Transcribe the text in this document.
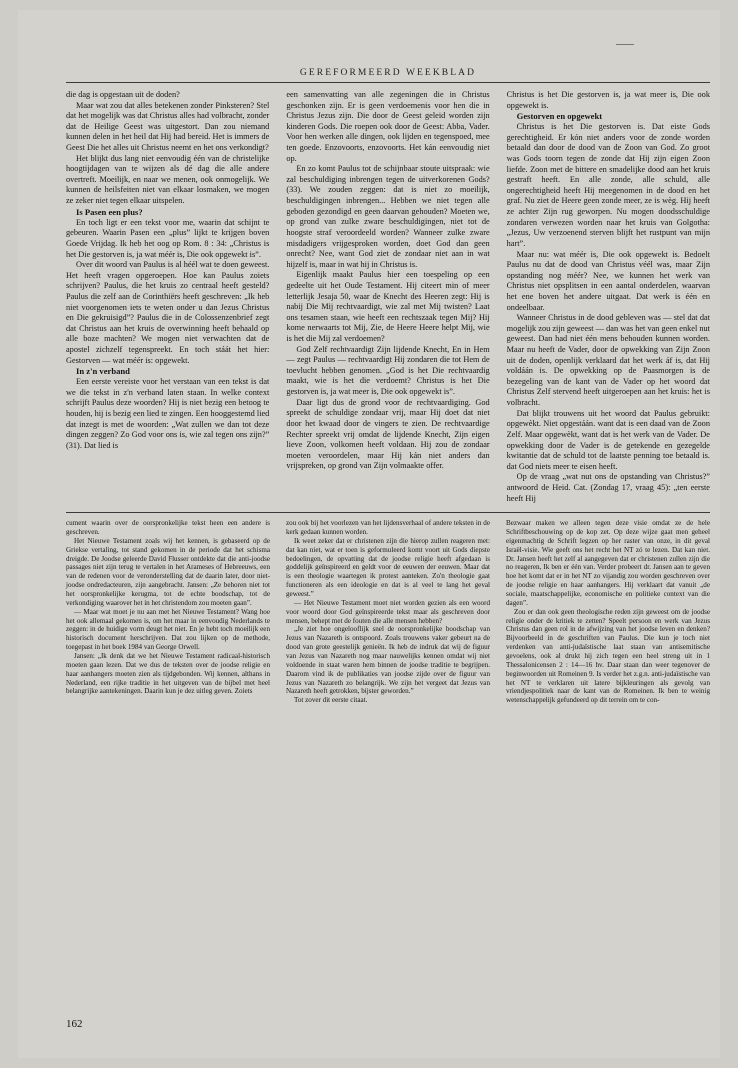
GEREFORMEERD WEEKBLAD

die dag is opgestaan uit de doden?

Maar wat zou dat alles betekenen zonder Pinksteren? Stel dat het mogelijk was dat Christus alles had volbracht, zonder dat de Heilige Geest was uitgestort. Dan zou niemand kunnen delen in het heil dat Hij had bereid. Het is immers de Geest Die het alles uit Christus neemt en het ons verkondigt?

Het blijkt dus lang niet eenvoudig één van de christelijke hoogtijdagen van te wijzen als dé dag die alle andere overtreft. Moeilijk, en naar we menen, ook onmogelijk. We kunnen de heilsfeiten niet van elkaar losmaken, we mogen ze zeker niet tegen elkaar uitspelen.

Is Pasen een plus?

En toch ligt er een tekst voor me, waarin dat schijnt te gebeuren. Waarin Pasen een „plus” lijkt te krijgen boven Goede Vrijdag. Ik heb het oog op Rom. 8 : 34: „Christus is het Die gestorven is, ja wat méér is, Die ook opgewekt is”.

Over dit woord van Paulus is al héél wat te doen geweest. Het heeft vragen opgeroepen. Hoe kan Paulus zoiets schrijven? Paulus, die het kruis zo centraal heeft gesteld? Paulus die zelf aan de Corinthiërs heeft geschreven: „Ik heb niet voorgenomen iets te weten onder u dan Jezus Christus en Die gekruisigd”? Paulus die in de Colossenzenbrief zegt dat Christus aan het kruis de overwinning heeft behaald op alle boze machten? We mogen niet verwachten dat de apostel zichzelf tegenspreekt. En toch stáát het hier: Gestorven — wat méér is: opgewekt.

In z'n verband

Een eerste vereiste voor het verstaan van een tekst is dat we die tekst in z'n verband laten staan. In welke context schrijft Paulus deze woorden? Hij is niet bezig een betoog te houden, hij is bezig een lied te zingen. Een hooggestemd lied dat inzegt is met de woorden: „Wat zullen we dan tot deze dingen zeggen? Zo God voor ons is, wie zal tegen ons zijn?” (31). Dat lied is

een samenvatting van alle zegeningen die in Christus geschonken zijn. Er is geen verdoemenis voor hen die in Christus Jezus zijn. Die door de Geest geleid worden zijn kinderen Gods. Die roepen ook door de Geest: Abba, Vader. Voor hen werken alle dingen, ook lijden en tegenspoed, mee ten goede. Enzovoorts, enzovoorts. Het kán eenvoudig niet op.

En zo komt Paulus tot de schijnbaar stoute uitspraak: wie zal beschuldiging inbrengen tegen de uitverkorenen Gods? (33). We zouden zeggen: dat is niet zo moeilijk, beschuldigingen inbrengen... Hebben we niet tegen alle geboden gezondigd en geen daarvan gehouden? Moeten we, op grond van zulke zware beschuldigingen, niet tot de hoogste straf veroordeeld worden? Wanneer zulke zware misdadigers vrijgesproken worden, doet God dan geen onrecht? Nee, want God ziet de zondaar niet aan in wat hijzelf is, maar in wat hij in Christus is.

Eigenlijk maakt Paulus hier een toespeling op een gedeelte uit het Oude Testament. Hij citeert min of meer letterlijk Jesaja 50, waar de Knecht des Heeren zegt: Hij is nabij Die Mij rechtvaardigt, wie zal met Mij twisten? Laat ons tesamen staan, wie heeft een rechtszaak tegen Mij? Hij kome nerwaarts tot Mij, Zie, de Heere Heere helpt Mij, wie is het die Mij zal verdoemen?

God Zelf rechtvaardigt Zijn lijdende Knecht, En in Hem — zegt Paulus — rechtvaardigt Hij zondaren die tot Hem de toevlucht hebben genomen. „God is het Die rechtvaardig maakt, wie is het die verdoemt? Christus is het Die gestorven is, ja wat meer is, Die ook opgewekt is”.

Daar ligt dus de grond voor de rechtvaardiging. God spreekt de schuldige zondaar vrij, maar Hij doet dat niet door het kwaad door de vingers te zien. De rechtvaardige Rechter spreekt vrij omdat de lijdende Knecht, Zijn eigen lieve Zoon, volkomen heeft voldaan. Hij zou de zondaar moeten veroordelen, maar Hij kán niet anders dan vrijspreken, op grond van Zijn volmaakte offer.

Christus is het Die gestorven is, ja wat meer is, Die ook opgewekt is.

Gestorven en opgewekt

Christus is het Die gestorven is. Dat eiste Gods gerechtigheid. Er kón niet anders voor de zonde worden betaald dan door de dood van de Zoon van God. Zo groot was Gods toorn tegen de zonde dat Hij zijn eigen Zoon liefde. Zoon met de bittere en smadelijke dood aan het kruis gestraft heeft. En alle zonde, alle schuld, alle ongerechtigheid heeft Hij meegenomen in de dood en het graf. Nu ziet de Heere geen zonde meer, ze is wèg. Hij heeft ze achter Zijn rug geworpen. Nu mogen doodsschuldige zondaren verwezen worden naar het kruis van Golgotha: „Jezus, Uw verzoenend sterven blijft het rustpunt van mijn hart”.

Maar nu: wat méér is, Die ook opgewekt is. Bedoelt Paulus nu dat de dood van Christus véél was, maar Zijn opstanding nog méér? Nee, we kunnen het werk van Christus niet opsplitsen in een aantal onderdelen, waarvan het ene boven het andere uitgaat. Dat werk is één en ondeelbaar.

Wanneer Christus in de dood gebleven was — stel dat dat mogelijk zou zijn geweest — dan was het van geen enkel nut geweest. Dan had niet één mens behouden kunnen worden. Maar nu heeft de Vader, door de opwekking van Zijn Zoon uit de doden, openlijk verklaard dat het werk áf is, dat Hij voldáán is. De opwekking op de Paasmorgen is de bezegeling van de kant van de Vader op het woord dat Christus Zelf stervend heeft uitgeroepen aan het kruis: het is volbracht.

Dat blijkt trouwens uit het woord dat Paulus gebruikt: opgewèkt. Niet opgestáán. want dat is een daad van de Zoon Zelf. Maar opgewèkt, want dat is het werk van de Vader. De opwekking door de Vader is de getekende en gezegelde kwitantie dat de schuld tot de laatste penning toe betaald is. dat God niets meer te eisen heeft.

Op de vraag „wat nut ons de opstanding van Christus?” antwoord de Heid. Cat. (Zondag 17, vraag 45): „ten eerste heeft Hij

cument waarin over de oorspronkelijke tekst heen een andere is geschreven.

Het Nieuwe Testament zoals wij het kennen, is gebaseerd op de Griekse vertaling, tot stand gekomen in de periode dat het schisma dreigde. De Joodse geleerde David Flusser ontdekte dat die anti-joodse passages niet zijn terug te vertalen in het Arameses of Hebreeuws, een van de redenen voor de veronderstelling dat de daarin later, door niet-joodse ondredacteuren, zijn aangebracht. Jansen: „Ze behoren niet tot het oorspronkelijke kerugma, tot de echte boodschap, tot de verkondiging waarover het in het christendom zou moeten gaan”.

— Maar wat moet je nu aan met het Nieuwe Testament? Wang hoe het ook allemaal gekomen is, om het maar in eenvoudig Nederlands te zeggen: in de huidige vorm deugt het niet. En je hebt toch moeilijk een historisch document herschrijven. Dat zou lijken op de methode, toegepast in het boek 1984 van George Orwell.

Jansen: „Ik denk dat we het Nieuwe Testament radicaal-historisch moeten gaan lezen. Dat we dus de teksten over de joodse religie en haar aanhangers moeten zien als tijdgebonden. Wij kennen, althans in Nederland, een rijke traditie in het uitgeven van de bijbel met heel belangrijke aantekeningen. Daarin kun je dez uitleg geven. Zoiets

zou ook bij het voorlezen van het lijdensverhaal of andere teksten in de kerk gedaan kunnen worden.

Ik weet zeker dat er christenen zijn die hierop zullen reageren met: dat kan niet, wat er toen is geformuleerd komt voort uit Gods diepste bedoelingen, de opvatting dat de joodse religie heeft afgedaan is goddelijk geïnspireerd en geldt voor de eeuwen der eeuwen. Maar dat is een theologie waartegen ik protest aanteken. Zo'n theologie gaat functioneren als een ideologie en dat is al veel te lang het geval geweest.”

— Het Nieuwe Testament moet niet worden gezien als een woord voor woord door God geïnspireerde tekst maar als geschreven door mensen, behept met de fouten die alle mensen hebben?

„Je ziet hoe ongelooflijk snel de oorspronkelijke boodschap van Jezus van Nazareth is ontspoord. Zoals trouwens vaker gebeurt na de dood van grote geestelijk genieën. Ik heb de indruk dat wij de figuur van Jezus van Nazareth nog maar nauwelijks kennen omdat wij niet voldoende in staat waren hem binnen de joodse traditie te begrijpen. Daarom vind ik de publikaties van joodse zijde over de figuur van Jezus van Nazareth zo belangrijk. We zijn het vergeet dat Jezus van Nazareth heeft getrokken, bijster geworden.”

Tot zover dit eerste citaat.

Bezwaar maken we alleen tegen deze visie omdat ze de hele Schriftbeschouwing op de kop zet. Op deze wijze gaat men geheel eigenmachtig de Schrift legzen op her raster van onze, in dit geval Israël-visie. Wie geeft ons het recht het NT zó te lezen. Dat kan niet. Dr. Jansen heeft het zelf al aangegeven dat er christenen zullen zijn die no reageren, Ik ben er één van. Verder probeert dr. Jansen aan te geven hoe het komt dat er in het NT zo vijandig zou worden geschreven over de joodse religie en haar aanhangers. Hij verklaart dat vanuit „de sociale, maatschappelijke, economische en politieke context van die dagen”.

Zou er dan ook geen theologische reden zijn geweest om de joodse religie onder de kritiek te zetten? Speelt persoon en werk van Jezus Christus dan geen rol in de afwijzing van het joodse leven en denken? Bijvoorbeeld in de geschriften van Paulus. Die kun je toch niet verdenken van anti-judaïstische laat staan van antisemitische gevoelens, ook al drukt hij zich tegen een heel streng uit in 1 Thessalonicensen 2 : 14—16 hv. Daar staan dan weer tegenover de beginwoorden uit Romeinen 9. Is verder het z.g.n. anti-judaïstische van het NT te verklaren uit latere bijkleuringen als gevolg van vriendjespolitiek naar de kant van de Romeinen. Ik ben te weinig wetenschappelijk gefundeerd op dit terrein om te con-

162
